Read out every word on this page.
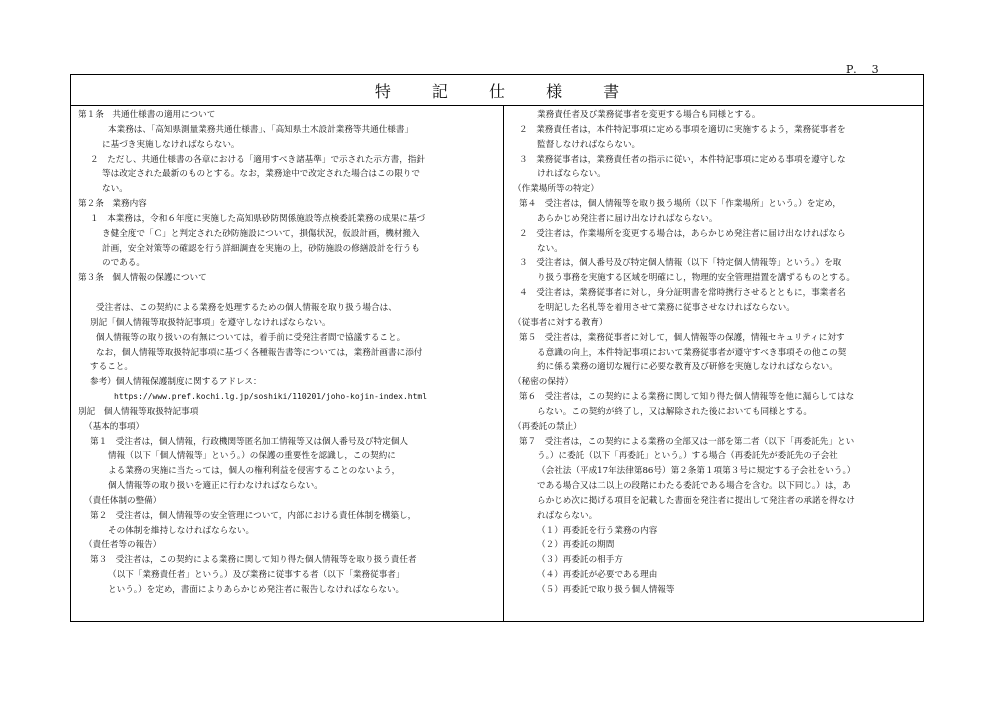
P.　3
特 記 仕 様 書
第１条　共通仕様書の適用について
本業務は、「高知県測量業務共通仕様書」、「高知県土木設計業務等共通仕様書」
に基づき実施しなければならない。
２　ただし、共通仕様書の各章における「適用すべき諸基準」で示された示方書，指針
等は改定された最新のものとする。なお，業務途中で改定された場合はこの限りで
ない。
第２条　業務内容
１　本業務は，令和６年度に実施した高知県砂防関係施設等点検委託業務の成果に基づ
き健全度で「Ｃ」と判定された砂防施設について，損傷状況，仮設計画，機材搬入
計画，安全対策等の確認を行う詳細調査を実施の上，砂防施設の修繕設計を行うも
のである。
第３条　個人情報の保護について
受注者は、この契約による業務を処理するための個人情報を取り扱う場合は、
別記「個人情報等取扱特記事項」を遵守しなければならない。
個人情報等の取り扱いの有無については，着手前に受発注者間で協議すること。
なお，個人情報等取扱特記事項に基づく各種報告書等については，業務計画書に添付
すること。
参考）個人情報保護制度に関するアドレス：
https://www.pref.kochi.lg.jp/soshiki/110201/joho-kojin-index.html
別記　個人情報等取扱特記事項
（基本的事項）
第１　受注者は，個人情報，行政機関等匿名加工情報等又は個人番号及び特定個人
情報（以下「個人情報等」という。）の保護の重要性を認識し，この契約に
よる業務の実施に当たっては，個人の権利利益を侵害することのないよう，
個人情報等の取り扱いを適正に行わなければならない。
（責任体制の整備）
第２　受注者は，個人情報等の安全管理について，内部における責任体制を構築し，
その体制を維持しなければならない。
（責任者等の報告）
第３　受注者は，この契約による業務に関して知り得た個人情報等を取り扱う責任者
（以下「業務責任者」という。）及び業務に従事する者（以下「業務従事者」
という。）を定め，書面によりあらかじめ発注者に報告しなければならない。
業務責任者及び業務従事者を変更する場合も同様とする。
２　業務責任者は，本件特記事項に定める事項を適切に実施するよう，業務従事者を
監督しなければならない。
３　業務従事者は，業務責任者の指示に従い，本件特記事項に定める事項を遵守しな
ければならない。
（作業場所等の特定）
第４　受注者は，個人情報等を取り扱う場所（以下「作業場所」という。）を定め，
あらかじめ発注者に届け出なければならない。
２　受注者は，作業場所を変更する場合は，あらかじめ発注者に届け出なければなら
ない。
３　受注者は，個人番号及び特定個人情報（以下「特定個人情報等」という。）を取
り扱う事務を実施する区域を明確にし，物理的安全管理措置を講ずるものとする。
４　受注者は，業務従事者に対し，身分証明書を常時携行させるとともに，事業者名
を明記した名札等を着用させて業務に従事させなければならない。
（従事者に対する教育）
第５　受注者は，業務従事者に対して，個人情報等の保護，情報セキュリティに対す
る意識の向上，本件特記事項において業務従事者が遵守すべき事項その他この契
約に係る業務の適切な履行に必要な教育及び研修を実施しなければならない。
（秘密の保持）
第６　受注者は，この契約による業務に関して知り得た個人情報等を他に漏らしてはな
らない。この契約が終了し，又は解除された後においても同様とする。
（再委託の禁止）
第７　受注者は，この契約による業務の全部又は一部を第二者（以下「再委託先」とい
う。）に委託（以下「再委託」という。）する場合（再委託先が委託先の子会社
（会社法（平成17年法律第86号）第２条第１項第３号に規定する子会社をいう。）
である場合又は二以上の段階にわたる委託である場合を含む。以下同じ。）は，あ
らかじめ次に掲げる項目を記載した書面を発注者に提出して発注者の承諾を得なけ
ればならない。
（１）再委託を行う業務の内容
（２）再委託の期間
（３）再委託の相手方
（４）再委託が必要である理由
（５）再委託で取り扱う個人情報等
